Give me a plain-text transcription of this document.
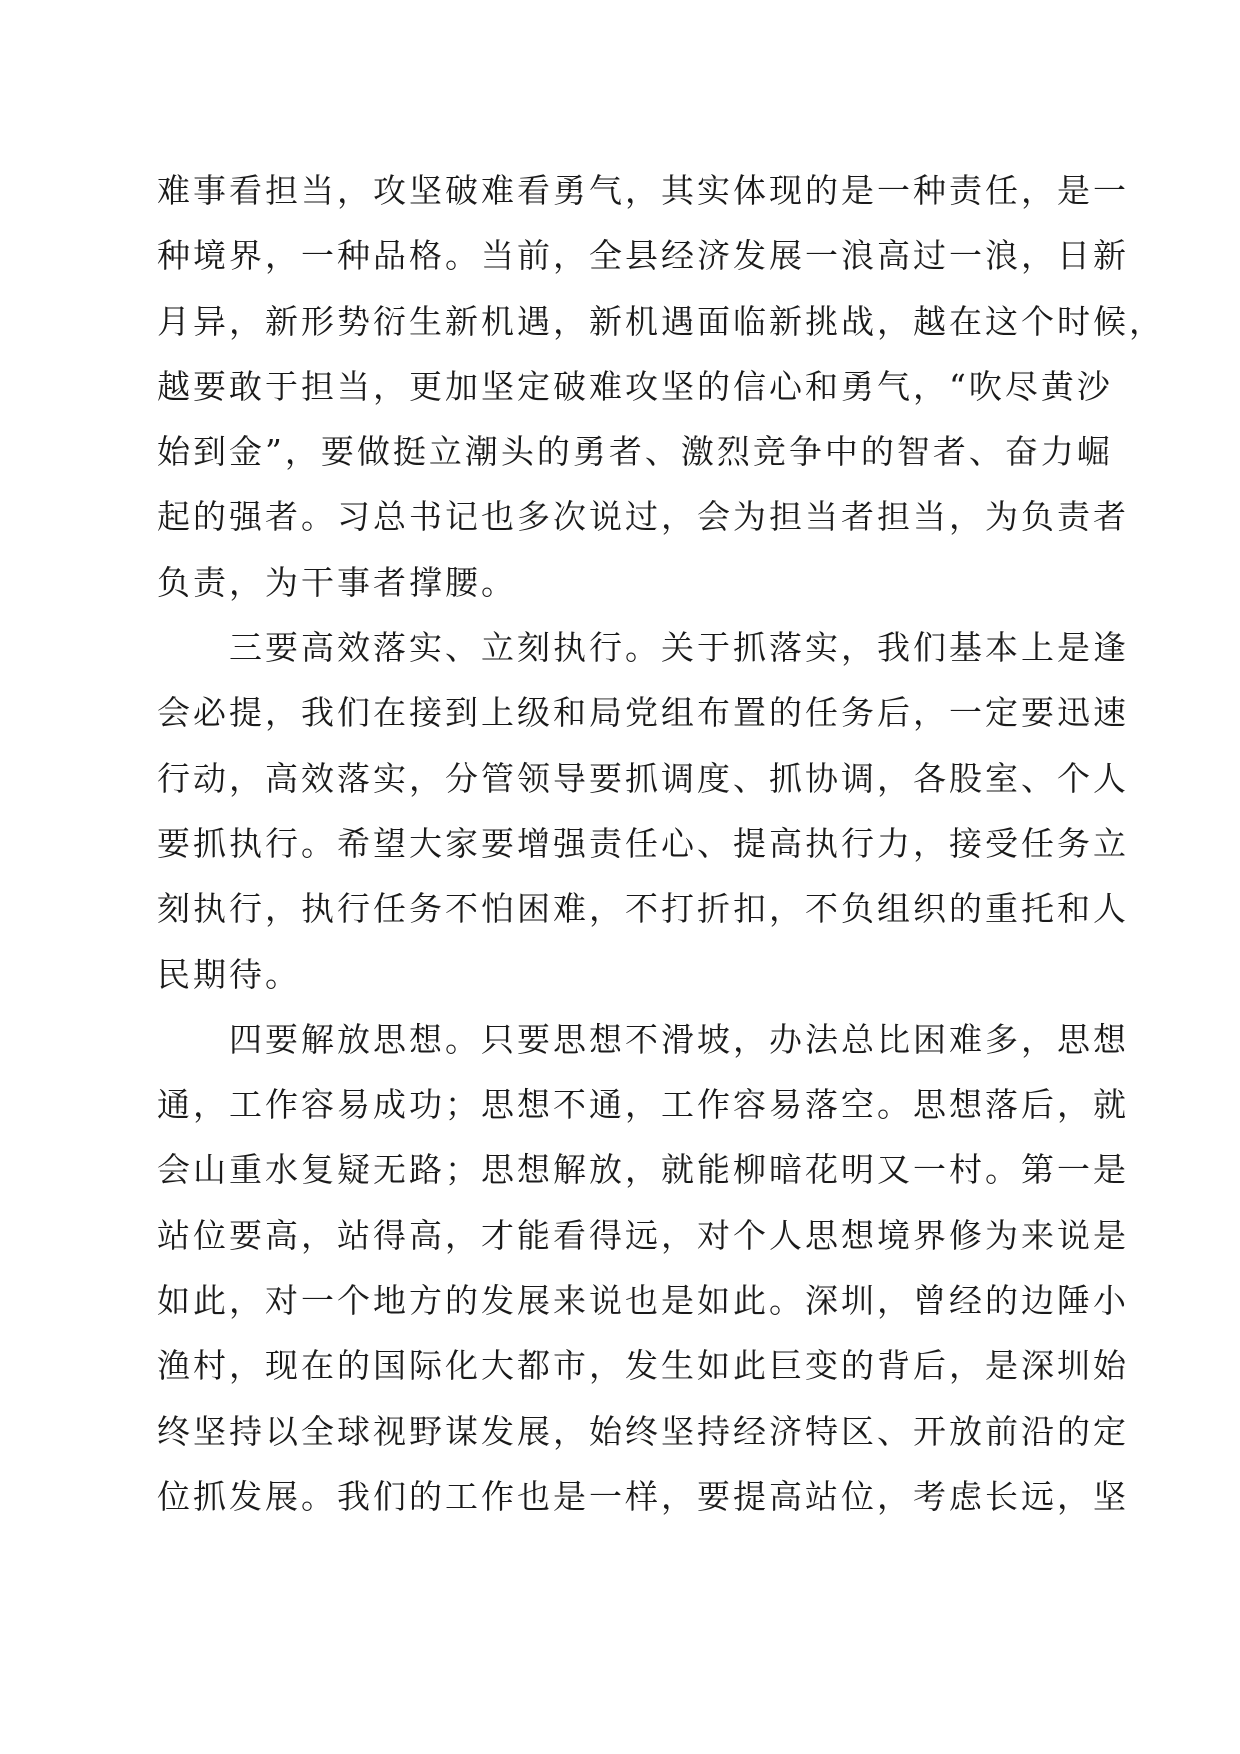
难事看担当，攻坚破难看勇气，其实体现的是一种责任，是一
种境界，一种品格。当前，全县经济发展一浪高过一浪，日新
月异，新形势衍生新机遇，新机遇面临新挑战，越在这个时候，
越要敢于担当，更加坚定破难攻坚的信心和勇气，“吹尽黄沙
始到金”，要做挺立潮头的勇者、激烈竞争中的智者、奋力崛
起的强者。习总书记也多次说过，会为担当者担当，为负责者
负责，为干事者撑腰。
三要高效落实、立刻执行。关于抓落实，我们基本上是逢
会必提，我们在接到上级和局党组布置的任务后，一定要迅速
行动，高效落实，分管领导要抓调度、抓协调，各股室、个人
要抓执行。希望大家要增强责任心、提高执行力，接受任务立
刻执行，执行任务不怕困难，不打折扣，不负组织的重托和人
民期待。
四要解放思想。只要思想不滑坡，办法总比困难多，思想
通，工作容易成功；思想不通，工作容易落空。思想落后，就
会山重水复疑无路；思想解放，就能柳暗花明又一村。第一是
站位要高，站得高，才能看得远，对个人思想境界修为来说是
如此，对一个地方的发展来说也是如此。深圳，曾经的边陲小
渔村，现在的国际化大都市，发生如此巨变的背后，是深圳始
终坚持以全球视野谋发展，始终坚持经济特区、开放前沿的定
位抓发展。我们的工作也是一样，要提高站位，考虑长远，坚
